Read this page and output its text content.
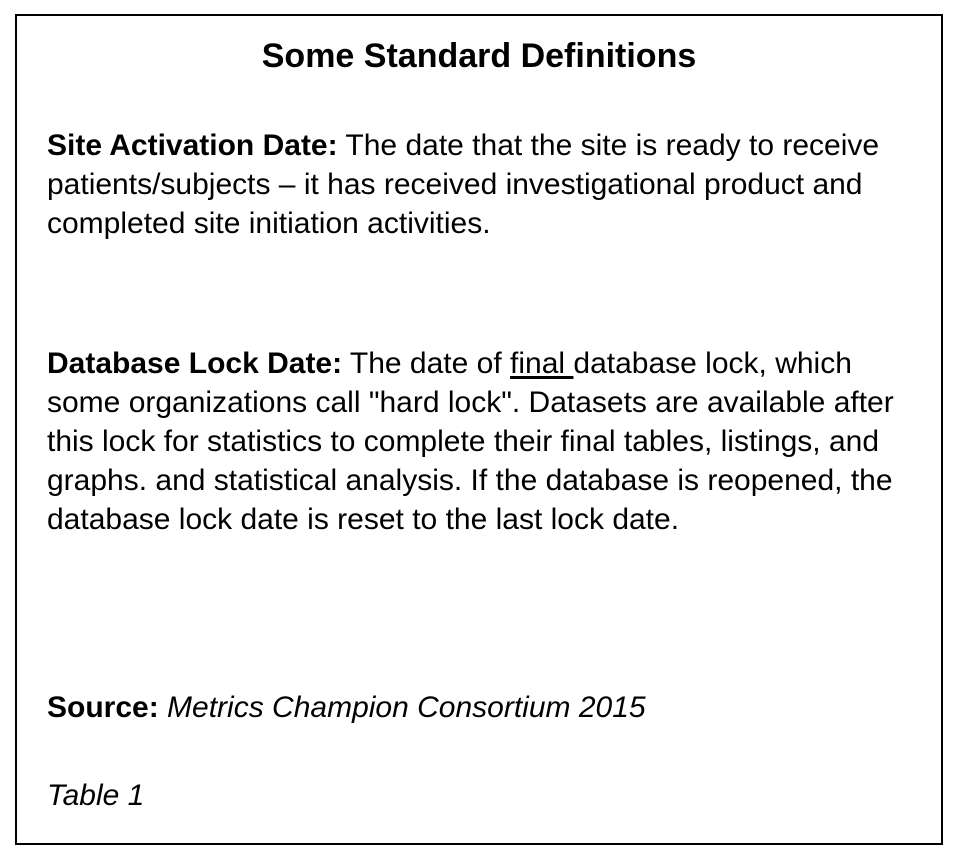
Some Standard Definitions

Site Activation Date: The date that the site is ready to receive patients/subjects – it has received investigational product and completed site initiation activities.

Database Lock Date: The date of final database lock, which some organizations call "hard lock". Datasets are available after this lock for statistics to complete their final tables, listings, and graphs. and statistical analysis. If the database is reopened, the database lock date is reset to the last lock date.

Source: Metrics Champion Consortium 2015

Table 1
